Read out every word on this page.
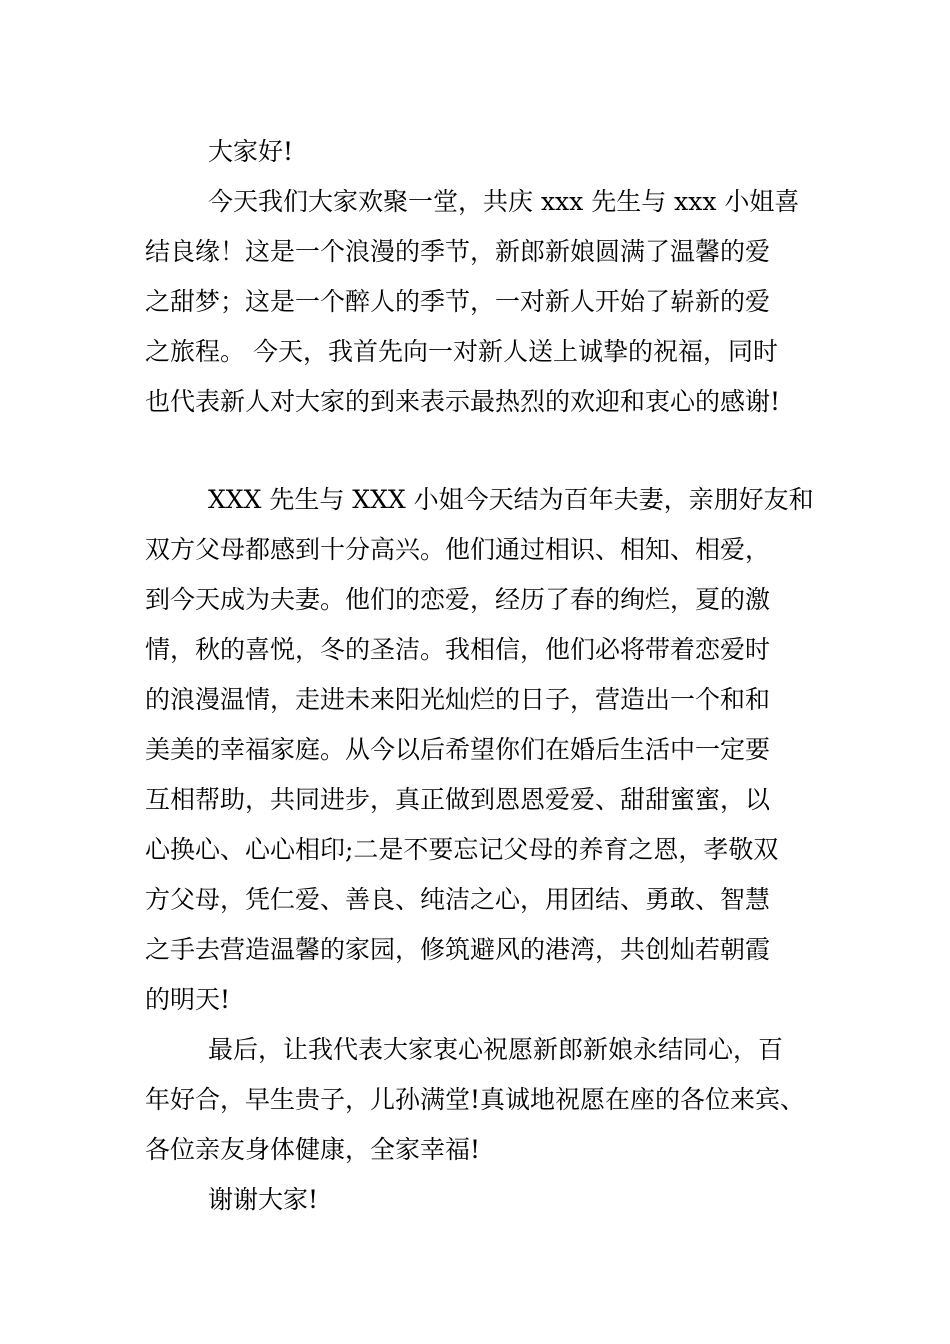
大家好!
今天我们大家欢聚一堂，共庆 xxx 先生与 xxx 小姐喜
结良缘！这是一个浪漫的季节，新郎新娘圆满了温馨的爱
之甜梦；这是一个醉人的季节，一对新人开始了崭新的爱
之旅程。 今天，我首先向一对新人送上诚挚的祝福，同时
也代表新人对大家的到来表示最热烈的欢迎和衷心的感谢!
XXX 先生与 XXX 小姐今天结为百年夫妻，亲朋好友和
双方父母都感到十分高兴。他们通过相识、相知、相爱，
到今天成为夫妻。他们的恋爱，经历了春的绚烂，夏的激
情，秋的喜悦，冬的圣洁。我相信，他们必将带着恋爱时
的浪漫温情，走进未来阳光灿烂的日子，营造出一个和和
美美的幸福家庭。从今以后希望你们在婚后生活中一定要
互相帮助，共同进步，真正做到恩恩爱爱、甜甜蜜蜜，以
心换心、心心相印;二是不要忘记父母的养育之恩，孝敬双
方父母，凭仁爱、善良、纯洁之心，用团结、勇敢、智慧
之手去营造温馨的家园，修筑避风的港湾，共创灿若朝霞
的明天!
最后，让我代表大家衷心祝愿新郎新娘永结同心，百
年好合，早生贵子，儿孙满堂!真诚地祝愿在座的各位来宾、
各位亲友身体健康，全家幸福!
谢谢大家!
